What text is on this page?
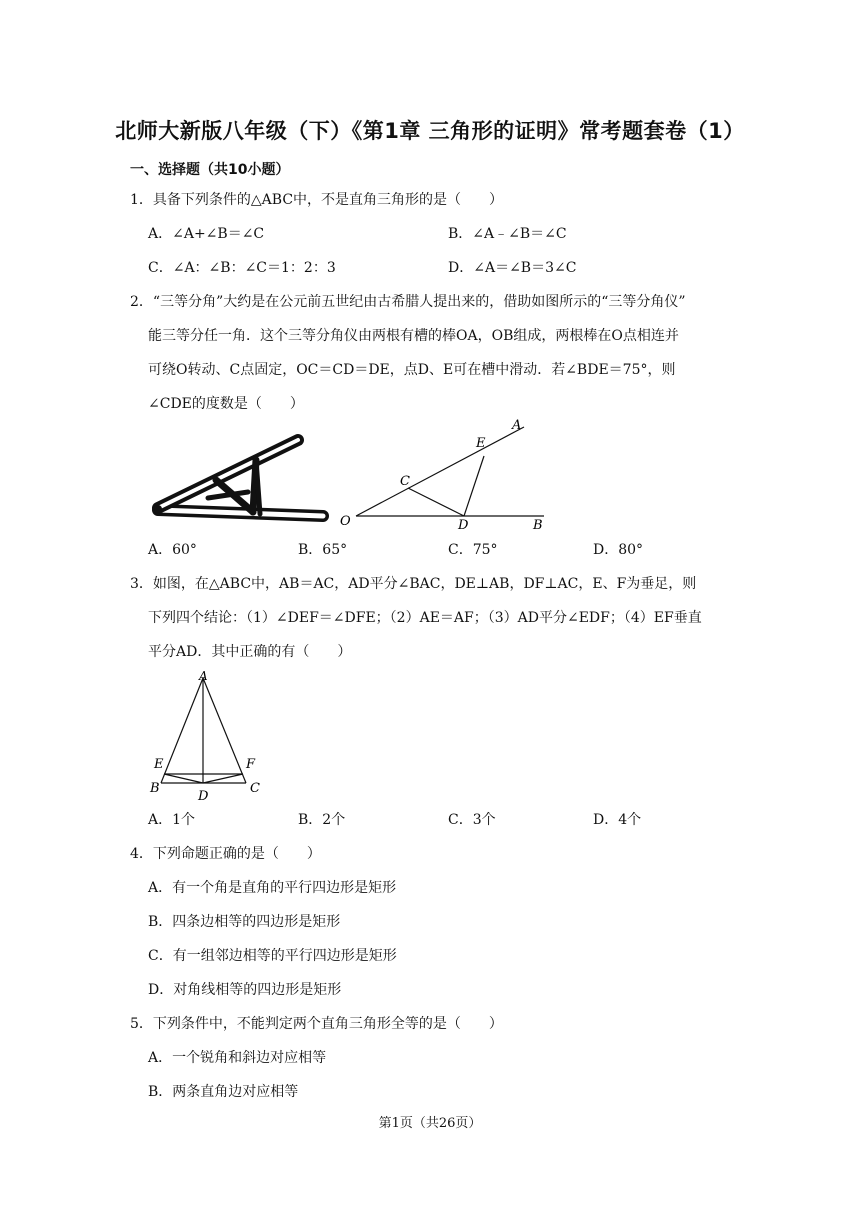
北师大新版八年级（下）《第1章 三角形的证明》常考题套卷（1）
一、选择题（共10小题）
1．具备下列条件的△ABC中，不是直角三角形的是（　　）
A．∠A+∠B＝∠C	B．∠A﹣∠B＝∠C
C．∠A：∠B：∠C＝1：2：3	D．∠A＝∠B＝3∠C
2．“三等分角”大约是在公元前五世纪由古希腊人提出来的，借助如图所示的“三等分角仪”
能三等分任一角．这个三等分角仪由两根有槽的棒OA，OB组成，两根棒在O点相连并
可绕O转动、C点固定，OC＝CD＝DE，点D、E可在槽中滑动．若∠BDE＝75°，则
∠CDE的度数是（　　）
O
A
B
C
D
E
A．60°	B．65°	C．75°	D．80°
3．如图，在△ABC中，AB＝AC，AD平分∠BAC，DE⊥AB，DF⊥AC，E、F为垂足，则
下列四个结论：（1）∠DEF＝∠DFE；（2）AE＝AF；（3）AD平分∠EDF；（4）EF垂直
平分AD．其中正确的有（　　）
A
B	C
D
E	F
A．1个	B．2个	C．3个	D．4个
4．下列命题正确的是（　　）
A．有一个角是直角的平行四边形是矩形
B．四条边相等的四边形是矩形
C．有一组邻边相等的平行四边形是矩形
D．对角线相等的四边形是矩形
5．下列条件中，不能判定两个直角三角形全等的是（　　）
A．一个锐角和斜边对应相等
B．两条直角边对应相等
第1页（共26页）
